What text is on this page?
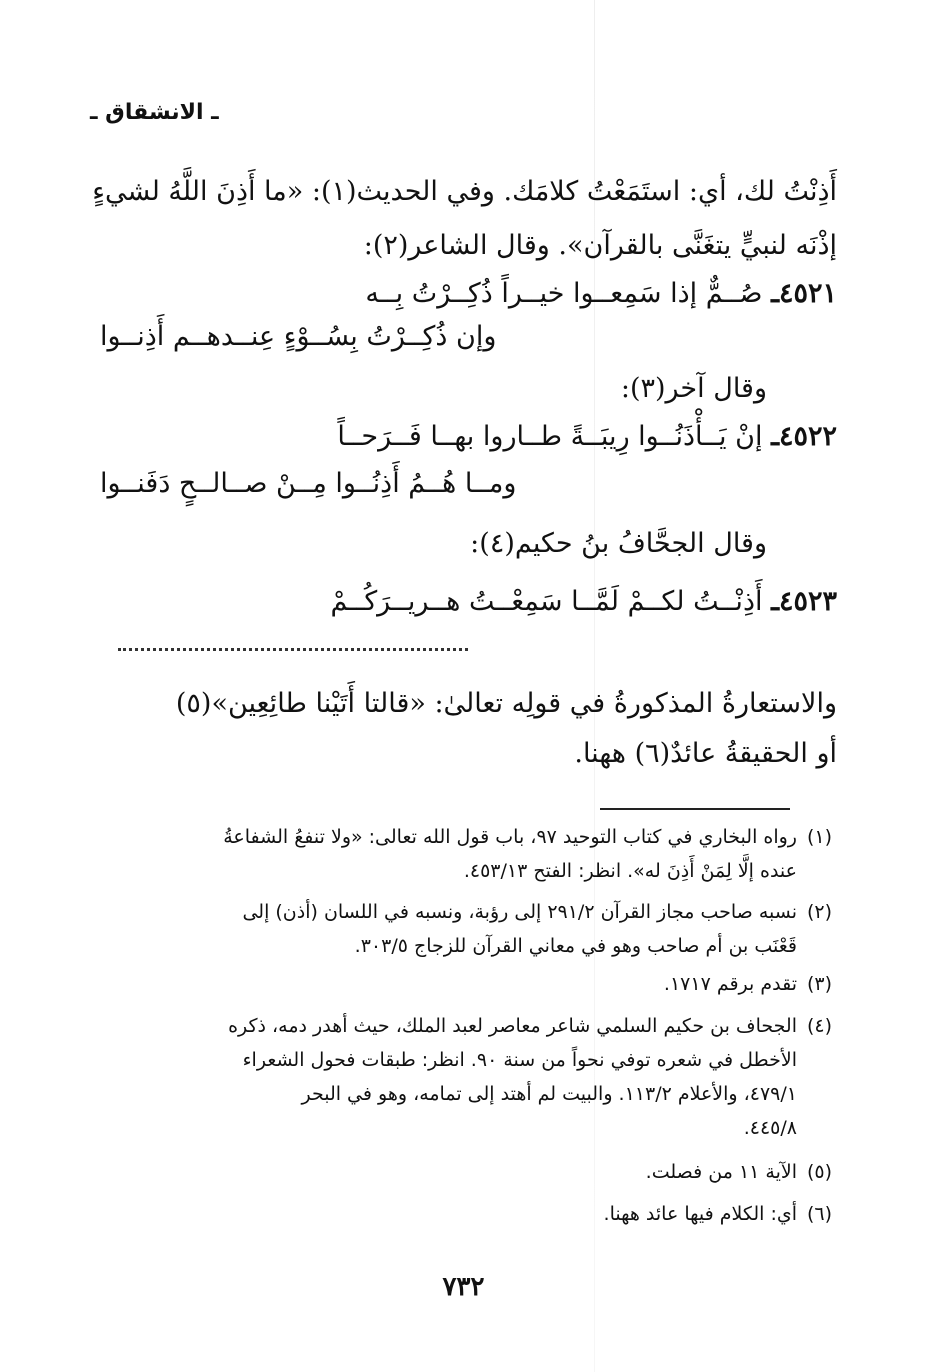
ـ الانشقاق ـ
أَذِنْتُ لك، أي: استَمَعْتُ كلامَك. وفي الحديث(١): «ما أَذِنَ اللَّهُ لشيءٍ
إذْنَه لنبيٍّ يتغَنَّى بالقرآن». وقال الشاعر(٢):
٤٥٢١ـ صُــمٌّ إذا سَمِعــوا خيــراً ذُكِــرْتُ بِــه
وإن ذُكِــرْتُ بِسُــوْءٍ عِنــدهــم أَذِنــوا
وقال آخر(٣):
٤٥٢٢ـ إنْ يَــأْذَنُــوا رِيبَــةً طــاروا بهــا فَــرَحــاً
ومــا هُــمُ أَذِنُــوا مِــنْ صــالــحٍ دَفَنــوا
وقال الجحَّافُ بنُ حكيم(٤):
٤٥٢٣ـ أَذِنْــتُ لكــمْ لَمَّــا سَمِعْــتُ هــريــرَكُــمْ
والاستعارةُ المذكورةُ في قولِه تعالىٰ: «قالتا أَتَيْنا طائِعِين»(٥)
أو الحقيقةُ عائدٌ(٦) ههنا.
(١)
رواه البخاري في كتاب التوحيد ٩٧، باب قول الله تعالى: «ولا تنفعُ الشفاعةُ
عنده إلَّا لِمَنْ أَذِنَ له». انظر: الفتح ٤٥٣/١٣.
(٢)
نسبه صاحب مجاز القرآن ٢٩١/٢ إلى رؤبة، ونسبه في اللسان (أذن) إلى
قَعْنَب بن أم صاحب وهو في معاني القرآن للزجاج ٣٠٣/٥.
(٣)
تقدم برقم ١٧١٧.
(٤)
الجحاف بن حكيم السلمي شاعر معاصر لعبد الملك، حيث أهدر دمه، ذكره
الأخطل في شعره توفي نحواً من سنة ٩٠. انظر: طبقات فحول الشعراء
٤٧٩/١، والأعلام ١١٣/٢. والبيت لم أهتد إلى تمامه، وهو في البحر
٤٤٥/٨.
(٥)
الآية ١١ من فصلت.
(٦)
أي: الكلام فيها عائد ههنا.
٧٣٢
